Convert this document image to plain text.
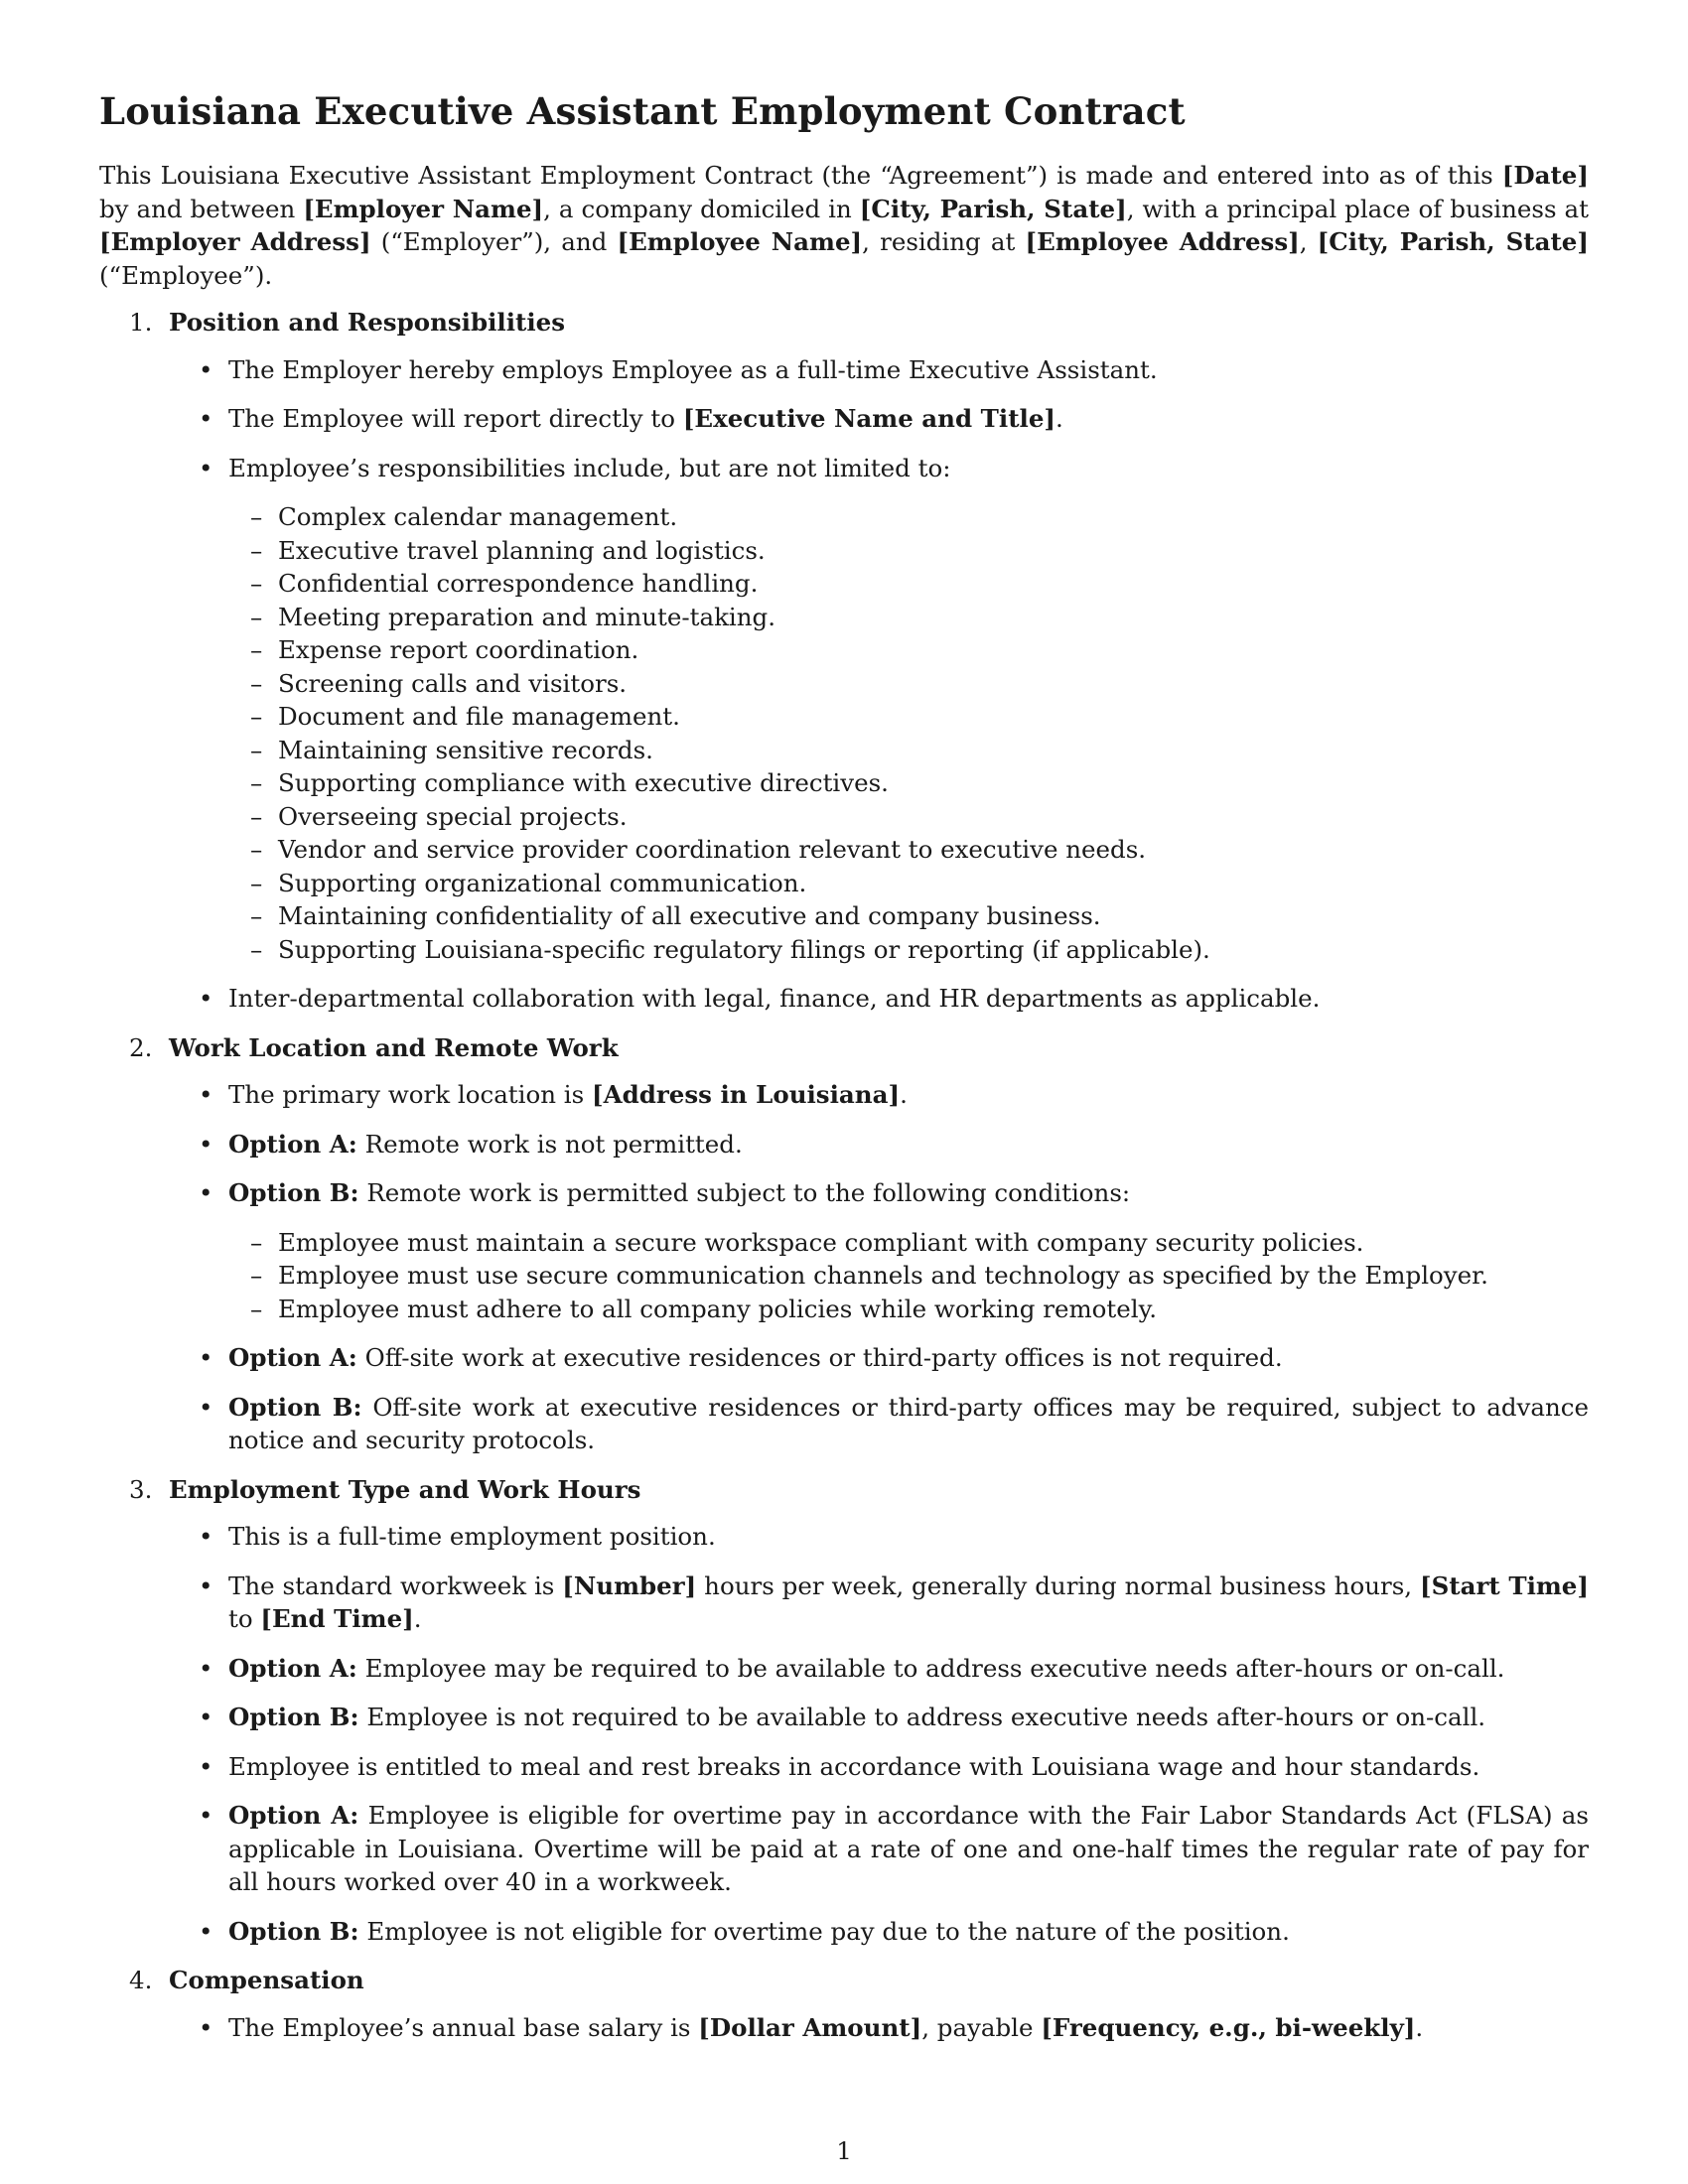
Louisiana Executive Assistant Employment Contract

This Louisiana Executive Assistant Employment Contract (the “Agreement”) is made and entered into as of this [Date] by and between [Employer Name], a company domiciled in [City, Parish, State], with a principal place of business at [Employer Address] (“Employer”), and [Employee Name], residing at [Employee Address], [City, Parish, State] (“Employee”).

1. Position and Responsibilities
• The Employer hereby employs Employee as a full-time Executive Assistant.
• The Employee will report directly to [Executive Name and Title].
• Employee’s responsibilities include, but are not limited to:
– Complex calendar management.
– Executive travel planning and logistics.
– Confidential correspondence handling.
– Meeting preparation and minute-taking.
– Expense report coordination.
– Screening calls and visitors.
– Document and file management.
– Maintaining sensitive records.
– Supporting compliance with executive directives.
– Overseeing special projects.
– Vendor and service provider coordination relevant to executive needs.
– Supporting organizational communication.
– Maintaining confidentiality of all executive and company business.
– Supporting Louisiana-specific regulatory filings or reporting (if applicable).
• Inter-departmental collaboration with legal, finance, and HR departments as applicable.
2. Work Location and Remote Work
• The primary work location is [Address in Louisiana].
• Option A: Remote work is not permitted.
• Option B: Remote work is permitted subject to the following conditions:
– Employee must maintain a secure workspace compliant with company security policies.
– Employee must use secure communication channels and technology as specified by the Employer.
– Employee must adhere to all company policies while working remotely.
• Option A: Off-site work at executive residences or third-party offices is not required.
• Option B: Off-site work at executive residences or third-party offices may be required, subject to advance notice and security protocols.
3. Employment Type and Work Hours
• This is a full-time employment position.
• The standard workweek is [Number] hours per week, generally during normal business hours, [Start Time] to [End Time].
• Option A: Employee may be required to be available to address executive needs after-hours or on-call.
• Option B: Employee is not required to be available to address executive needs after-hours or on-call.
• Employee is entitled to meal and rest breaks in accordance with Louisiana wage and hour standards.
• Option A: Employee is eligible for overtime pay in accordance with the Fair Labor Standards Act (FLSA) as applicable in Louisiana. Overtime will be paid at a rate of one and one-half times the regular rate of pay for all hours worked over 40 in a workweek.
• Option B: Employee is not eligible for overtime pay due to the nature of the position.
4. Compensation
• The Employee’s annual base salary is [Dollar Amount], payable [Frequency, e.g., bi-weekly].
1
